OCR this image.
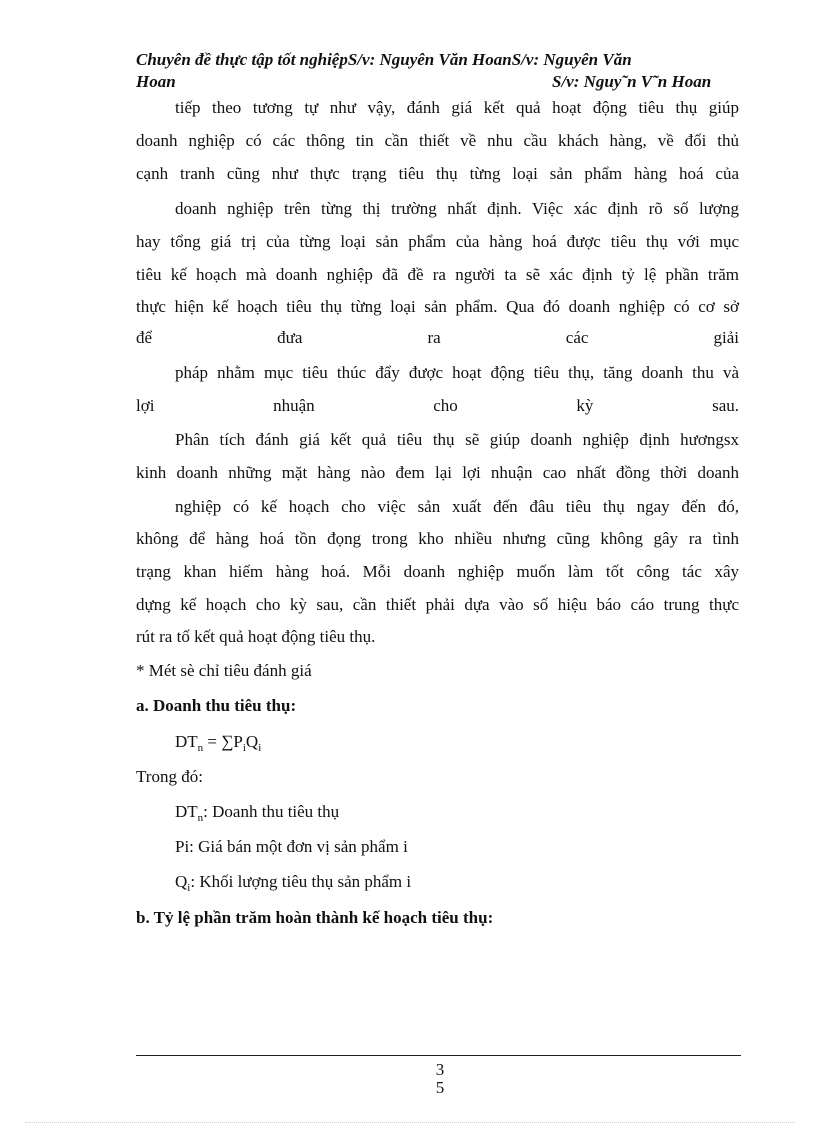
Chuyên đề thực tập tốt nghiệpS/v: Nguyên Văn HoanS/v: Nguyên Văn
Hoan	S/v: Nguy˜n V˜n Hoan
tiếp theo tương tự như vậy, đánh giá kết quả hoạt động tiêu thụ giúp
doanh nghiệp có các thông tin cần thiết về nhu cầu khách hàng, về đối thủ
cạnh tranh cũng như thực trạng tiêu thụ từng loại sản phẩm hàng hoá của
doanh nghiệp trên từng thị trường nhất định. Việc xác định rõ số lượng
hay tổng giá trị của từng loại sản phẩm của hàng hoá được tiêu thụ với mục
tiêu kế hoạch mà doanh nghiệp đã đề ra người ta sẽ xác định tỷ lệ phần trăm
thực hiện kế hoạch tiêu thụ từng loại sản phẩm. Qua đó doanh nghiệp có cơ sở
để đưa ra các giải
pháp nhằm mục tiêu thúc đẩy được hoạt động tiêu thụ, tăng doanh thu và
lợi nhuận cho kỳ sau.
Phân tích đánh giá kết quả tiêu thụ sẽ giúp doanh nghiệp định hươngsx
kinh doanh những mặt hàng nào đem lại lợi nhuận cao nhất đồng thời doanh
nghiệp có kế hoạch cho việc sản xuất đến đâu tiêu thụ ngay đến đó,
không để hàng hoá tồn đọng trong kho nhiều nhưng cũng không gây ra tình
trạng khan hiếm hàng hoá. Mỗi doanh nghiệp muốn làm tốt công tác xây
dựng kế hoạch cho kỳ sau, cần thiết phải dựa vào số hiệu báo cáo trung thực
rút ra tố kết quả hoạt động tiêu thụ.
* Mét sè chỉ tiêu đánh giá
a. Doanh thu tiêu thụ:
$DT_n = \sum P_iQ_i$
Trong đó:
$DT_n$: Doanh thu tiêu thụ
Pi: Giá bán một đơn vị sản phẩm i
$Q_i$: Khối lượng tiêu thụ sản phẩm i
b. Tỷ lệ phần trăm hoàn thành kế hoạch tiêu thụ:
3
5
